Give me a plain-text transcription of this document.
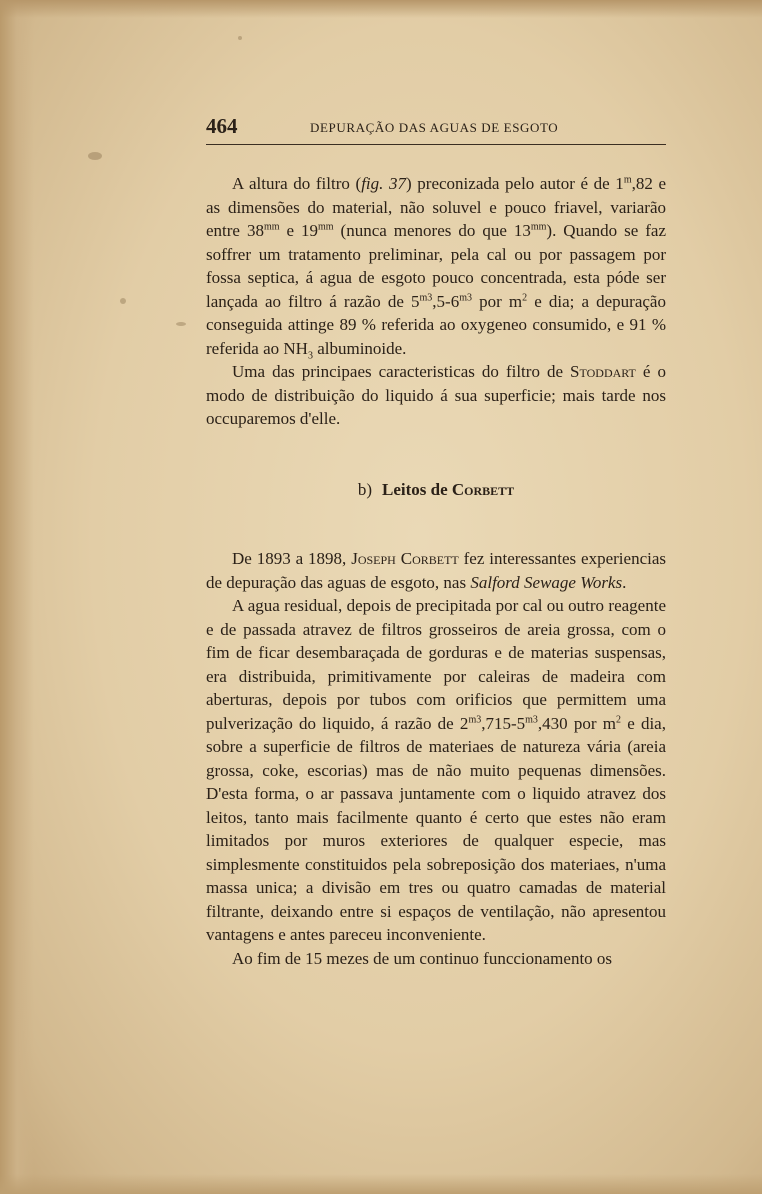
464	DEPURAÇÃO DAS AGUAS DE ESGOTO

A altura do filtro (fig. 37) preconizada pelo autor é de 1$^m$,82 e as dimensões do material, não soluvel e pouco friavel, variarão entre $38^{mm}$ e $19^{mm}$ (nunca menores do que $13^{mm}$). Quando se faz soffrer um tratamento preliminar, pela cal ou por passagem por fossa septica, á agua de esgoto pouco concentrada, esta póde ser lançada ao filtro á razão de $5^{m3},5-6^{m3}$ por $m^2$ e dia; a depuração conseguida attinge 89 % referida ao oxygeneo consumido, e 91 % referida ao $NH_3$ albuminoide.

Uma das principaes caracteristicas do filtro de Stoddart é o modo de distribuição do liquido á sua superficie; mais tarde nos occuparemos d'elle.

b) Leitos de Corbett

De 1893 a 1898, Joseph Corbett fez interessantes experiencias de depuração das aguas de esgoto, nas Salford Sewage Works.

A agua residual, depois de precipitada por cal ou outro reagente e de passada atravez de filtros grosseiros de areia grossa, com o fim de ficar desembaraçada de gorduras e de materias suspensas, era distribuida, primitivamente por caleiras de madeira com aberturas, depois por tubos com orificios que permittem uma pulverização do liquido, á razão de $2^{m3},715-5^{m3},430$ por $m^2$ e dia, sobre a superficie de filtros de materiaes de natureza vária (areia grossa, coke, escorias) mas de não muito pequenas dimensões. D'esta forma, o ar passava juntamente com o liquido atravez dos leitos, tanto mais facilmente quanto é certo que estes não eram limitados por muros exteriores de qualquer especie, mas simplesmente constituidos pela sobreposição dos materiaes, n'uma massa unica; a divisão em tres ou quatro camadas de material filtrante, deixando entre si espaços de ventilação, não apresentou vantagens e antes pareceu inconveniente.

Ao fim de 15 mezes de um continuo funccionamento os
